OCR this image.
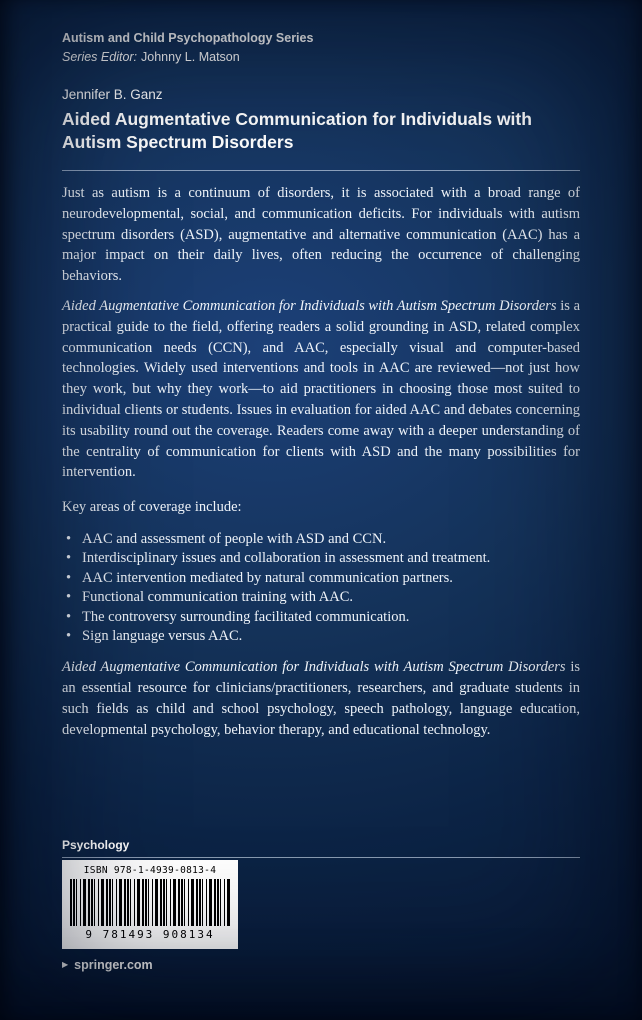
Autism and Child Psychopathology Series

Series Editor: Johnny L. Matson

Jennifer B. Ganz

Aided Augmentative Communication for Individuals with Autism Spectrum Disorders

Just as autism is a continuum of disorders, it is associated with a broad range of neurodevelopmental, social, and communication deficits. For individuals with autism spectrum disorders (ASD), augmentative and alternative communication (AAC) has a major impact on their daily lives, often reducing the occurrence of challenging behaviors.

Aided Augmentative Communication for Individuals with Autism Spectrum Disorders is a practical guide to the field, offering readers a solid grounding in ASD, related complex communication needs (CCN), and AAC, especially visual and computer-based technologies. Widely used interventions and tools in AAC are reviewed—not just how they work, but why they work—to aid practitioners in choosing those most suited to individual clients or students. Issues in evaluation for aided AAC and debates concerning its usability round out the coverage. Readers come away with a deeper understanding of the centrality of communication for clients with ASD and the many possibilities for intervention.

Key areas of coverage include:

• AAC and assessment of people with ASD and CCN.
• Interdisciplinary issues and collaboration in assessment and treatment.
• AAC intervention mediated by natural communication partners.
• Functional communication training with AAC.
• The controversy surrounding facilitated communication.
• Sign language versus AAC.

Aided Augmentative Communication for Individuals with Autism Spectrum Disorders is an essential resource for clinicians/practitioners, researchers, and graduate students in such fields as child and school psychology, speech pathology, language education, developmental psychology, behavior therapy, and educational technology.

Psychology

ISBN 978-1-4939-0813-4
9 781493 908134
▶ springer.com
